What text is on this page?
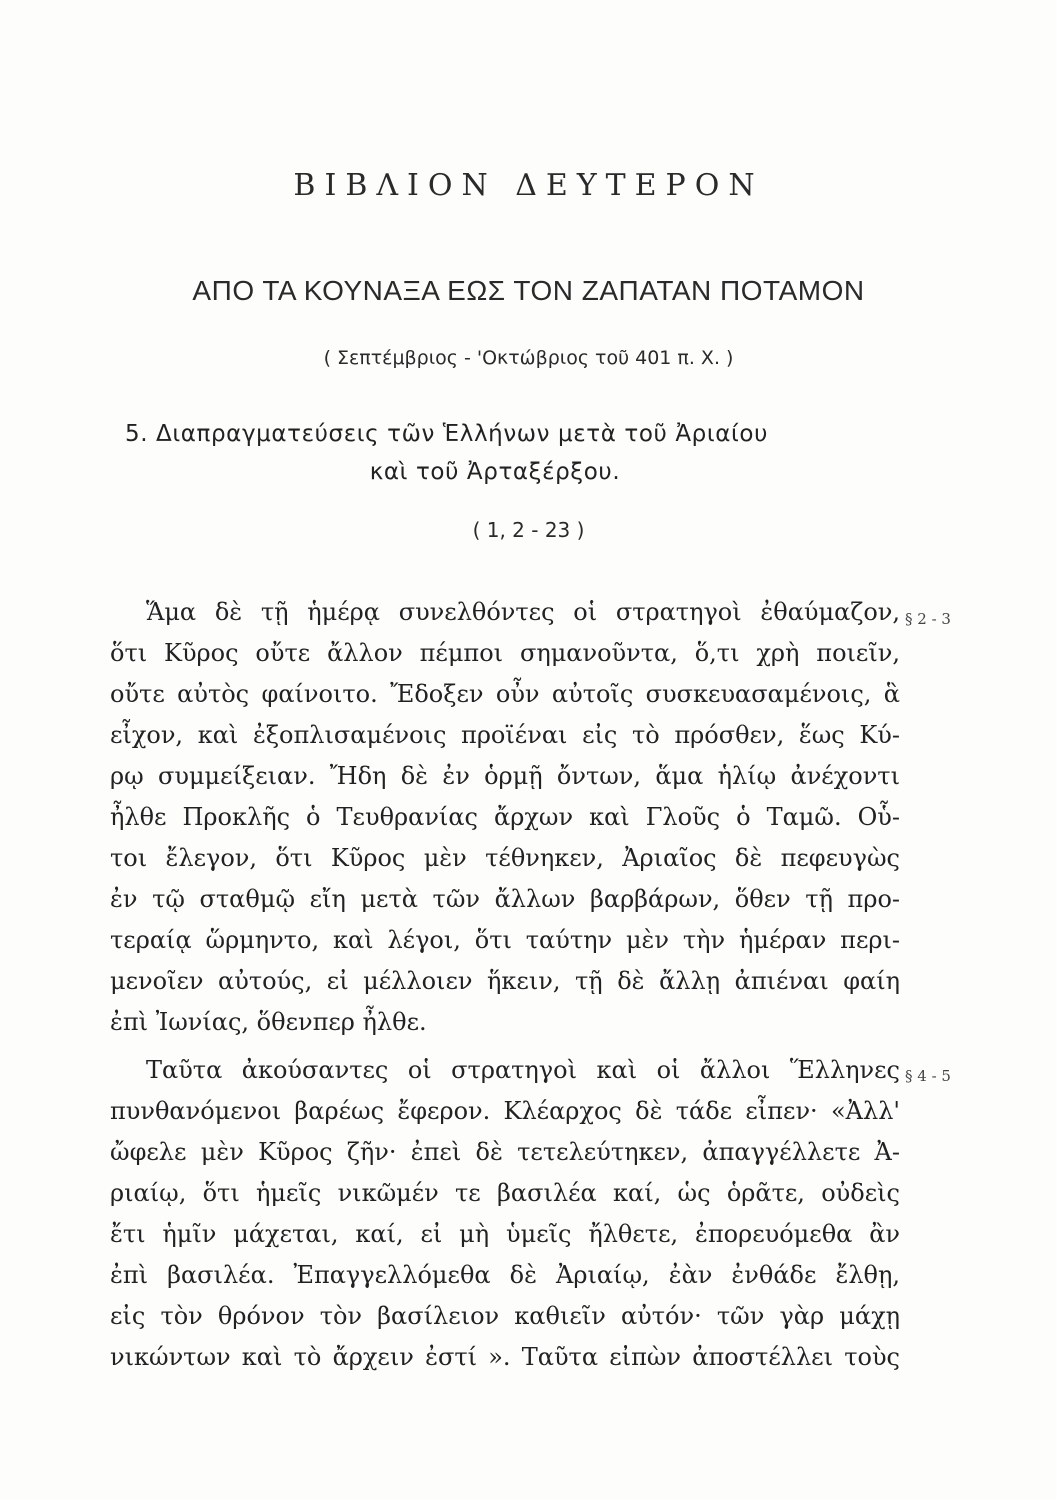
ΒΙΒΛΙΟΝ ΔΕΥΤΕΡΟΝ
ΑΠΟ ΤΑ ΚΟΥΝΑΞΑ ΕΩΣ ΤΟΝ ΖΑΠΑΤΑΝ ΠΟΤΑΜΟΝ
( Σεπτέμβριος - 'Οκτώβριος τοῦ 401 π. Χ. )
5. Διαπραγματεύσεις τῶν Ἑλλήνων μετὰ τοῦ Ἀριαίου
καὶ τοῦ Ἀρταξέρξου.
( 1, 2 - 23 )
§ 2 - 3
§ 4 - 5
Ἅμα δὲ τῇ ἡμέρᾳ συνελθόντες οἱ στρατηγοὶ ἐθαύμαζον,
ὅτι Κῦρος οὔτε ἄλλον πέμποι σημανοῦντα, ὅ,τι χρὴ ποιεῖν,
οὔτε αὐτὸς φαίνοιτο. Ἔδοξεν οὖν αὐτοῖς συσκευασαμένοις, ἃ
εἶχον, καὶ ἐξοπλισαμένοις προϊέναι εἰς τὸ πρόσθεν, ἕως Κύ-
ρῳ συμμείξειαν. Ἤδη δὲ ἐν ὁρμῇ ὄντων, ἅμα ἡλίῳ ἀνέχοντι
ἦλθε Προκλῆς ὁ Τευθρανίας ἄρχων καὶ Γλοῦς ὁ Ταμῶ. Οὗ-
τοι ἔλεγον, ὅτι Κῦρος μὲν τέθνηκεν, Ἀριαῖος δὲ πεφευγὼς
ἐν τῷ σταθμῷ εἴη μετὰ τῶν ἄλλων βαρβάρων, ὅθεν τῇ προ-
τεραίᾳ ὥρμηντο, καὶ λέγοι, ὅτι ταύτην μὲν τὴν ἡμέραν περι-
μενοῖεν αὐτούς, εἰ μέλλοιεν ἥκειν, τῇ δὲ ἄλλῃ ἀπιέναι φαίη
ἐπὶ Ἰωνίας, ὅθενπερ ἦλθε.
Ταῦτα ἀκούσαντες οἱ στρατηγοὶ καὶ οἱ ἄλλοι Ἕλληνες
πυνθανόμενοι βαρέως ἔφερον. Κλέαρχος δὲ τάδε εἶπεν· «Ἀλλ'
ὤφελε μὲν Κῦρος ζῆν· ἐπεὶ δὲ τετελεύτηκεν, ἀπαγγέλλετε Ἀ-
ριαίῳ, ὅτι ἡμεῖς νικῶμέν τε βασιλέα καί, ὡς ὁρᾶτε, οὐδεὶς
ἔτι ἡμῖν μάχεται, καί, εἰ μὴ ὑμεῖς ἤλθετε, ἐπορευόμεθα ἂν
ἐπὶ βασιλέα. Ἐπαγγελλόμεθα δὲ Ἀριαίῳ, ἐὰν ἐνθάδε ἔλθῃ,
εἰς τὸν θρόνον τὸν βασίλειον καθιεῖν αὐτόν· τῶν γὰρ μάχῃ
νικώντων καὶ τὸ ἄρχειν ἐστί ». Ταῦτα εἰπὼν ἀποστέλλει τοὺς
